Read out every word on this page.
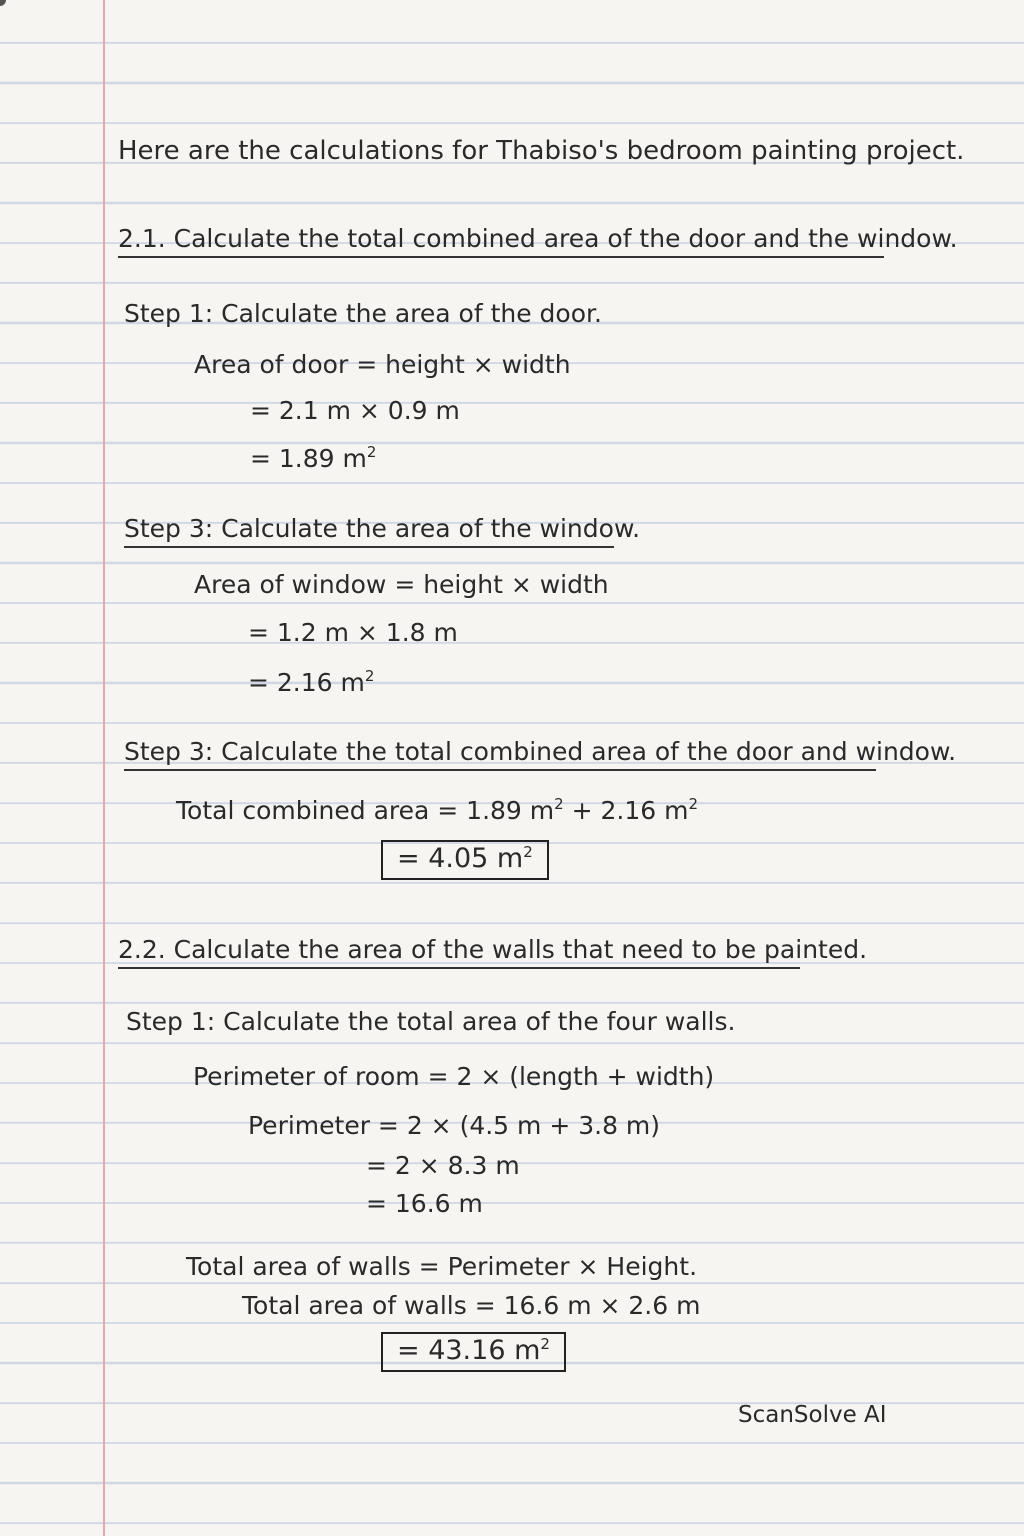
Here are the calculations for Thabiso's bedroom painting project.
2.1. Calculate the total combined area of the door and the window.
Step 1: Calculate the area of the door.
Area of door = height × width
= 2.1 m × 0.9 m
= 1.89 $m^2$
Step 3: Calculate the area of the window.
Area of window = height × width
= 1.2 m × 1.8 m
= 2.16 $m^2$
Step 3: Calculate the total combined area of the door and window.
Total combined area = 1.89 $m^2 + 2.16$ $m^2$
= 4.05 $m^2$
2.2. Calculate the area of the walls that need to be painted.
Step 1: Calculate the total area of the four walls.
Perimeter of room = 2 × (length + width)
Perimeter = 2 × (4.5 m + 3.8 m)
= 2 × 8.3 m
= 16.6 m
Total area of walls = Perimeter × Height.
Total area of walls = 16.6 m × 2.6 m
= 43.16 $m^2$
ScanSolve AI
